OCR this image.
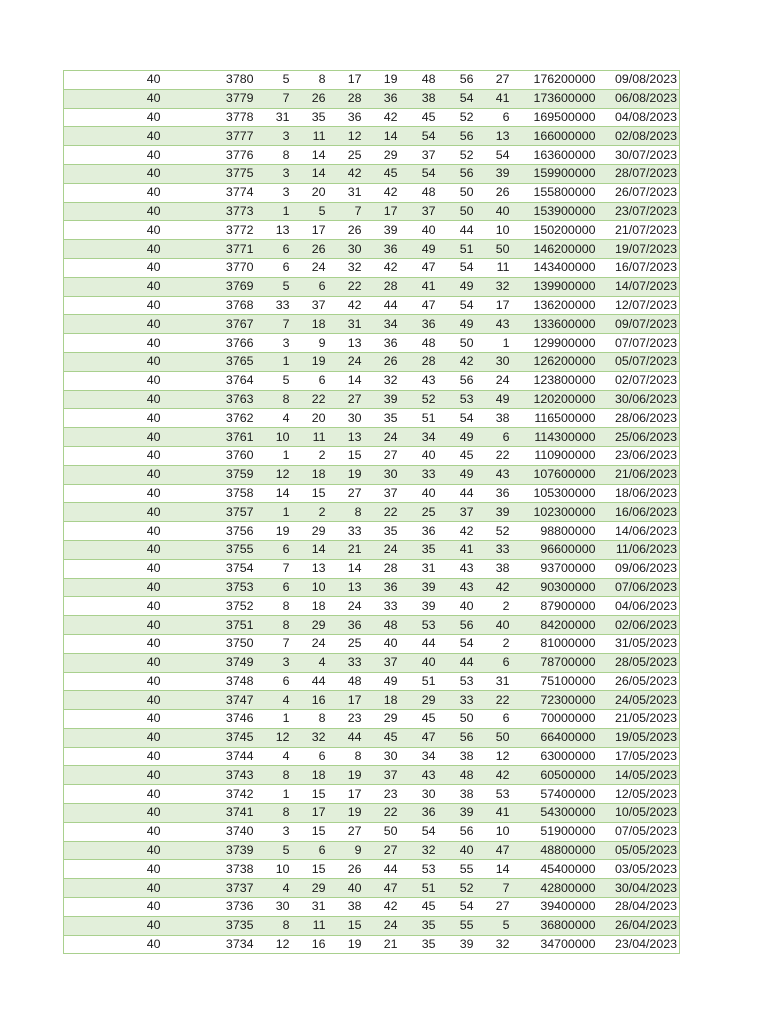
40	3780	5	8	17	19	48	56	27	176200000	09/08/2023
40	3779	7	26	28	36	38	54	41	173600000	06/08/2023
40	3778	31	35	36	42	45	52	6	169500000	04/08/2023
40	3777	3	11	12	14	54	56	13	166000000	02/08/2023
40	3776	8	14	25	29	37	52	54	163600000	30/07/2023
40	3775	3	14	42	45	54	56	39	159900000	28/07/2023
40	3774	3	20	31	42	48	50	26	155800000	26/07/2023
40	3773	1	5	7	17	37	50	40	153900000	23/07/2023
40	3772	13	17	26	39	40	44	10	150200000	21/07/2023
40	3771	6	26	30	36	49	51	50	146200000	19/07/2023
40	3770	6	24	32	42	47	54	11	143400000	16/07/2023
40	3769	5	6	22	28	41	49	32	139900000	14/07/2023
40	3768	33	37	42	44	47	54	17	136200000	12/07/2023
40	3767	7	18	31	34	36	49	43	133600000	09/07/2023
40	3766	3	9	13	36	48	50	1	129900000	07/07/2023
40	3765	1	19	24	26	28	42	30	126200000	05/07/2023
40	3764	5	6	14	32	43	56	24	123800000	02/07/2023
40	3763	8	22	27	39	52	53	49	120200000	30/06/2023
40	3762	4	20	30	35	51	54	38	116500000	28/06/2023
40	3761	10	11	13	24	34	49	6	114300000	25/06/2023
40	3760	1	2	15	27	40	45	22	110900000	23/06/2023
40	3759	12	18	19	30	33	49	43	107600000	21/06/2023
40	3758	14	15	27	37	40	44	36	105300000	18/06/2023
40	3757	1	2	8	22	25	37	39	102300000	16/06/2023
40	3756	19	29	33	35	36	42	52	98800000	14/06/2023
40	3755	6	14	21	24	35	41	33	96600000	11/06/2023
40	3754	7	13	14	28	31	43	38	93700000	09/06/2023
40	3753	6	10	13	36	39	43	42	90300000	07/06/2023
40	3752	8	18	24	33	39	40	2	87900000	04/06/2023
40	3751	8	29	36	48	53	56	40	84200000	02/06/2023
40	3750	7	24	25	40	44	54	2	81000000	31/05/2023
40	3749	3	4	33	37	40	44	6	78700000	28/05/2023
40	3748	6	44	48	49	51	53	31	75100000	26/05/2023
40	3747	4	16	17	18	29	33	22	72300000	24/05/2023
40	3746	1	8	23	29	45	50	6	70000000	21/05/2023
40	3745	12	32	44	45	47	56	50	66400000	19/05/2023
40	3744	4	6	8	30	34	38	12	63000000	17/05/2023
40	3743	8	18	19	37	43	48	42	60500000	14/05/2023
40	3742	1	15	17	23	30	38	53	57400000	12/05/2023
40	3741	8	17	19	22	36	39	41	54300000	10/05/2023
40	3740	3	15	27	50	54	56	10	51900000	07/05/2023
40	3739	5	6	9	27	32	40	47	48800000	05/05/2023
40	3738	10	15	26	44	53	55	14	45400000	03/05/2023
40	3737	4	29	40	47	51	52	7	42800000	30/04/2023
40	3736	30	31	38	42	45	54	27	39400000	28/04/2023
40	3735	8	11	15	24	35	55	5	36800000	26/04/2023
40	3734	12	16	19	21	35	39	32	34700000	23/04/2023
